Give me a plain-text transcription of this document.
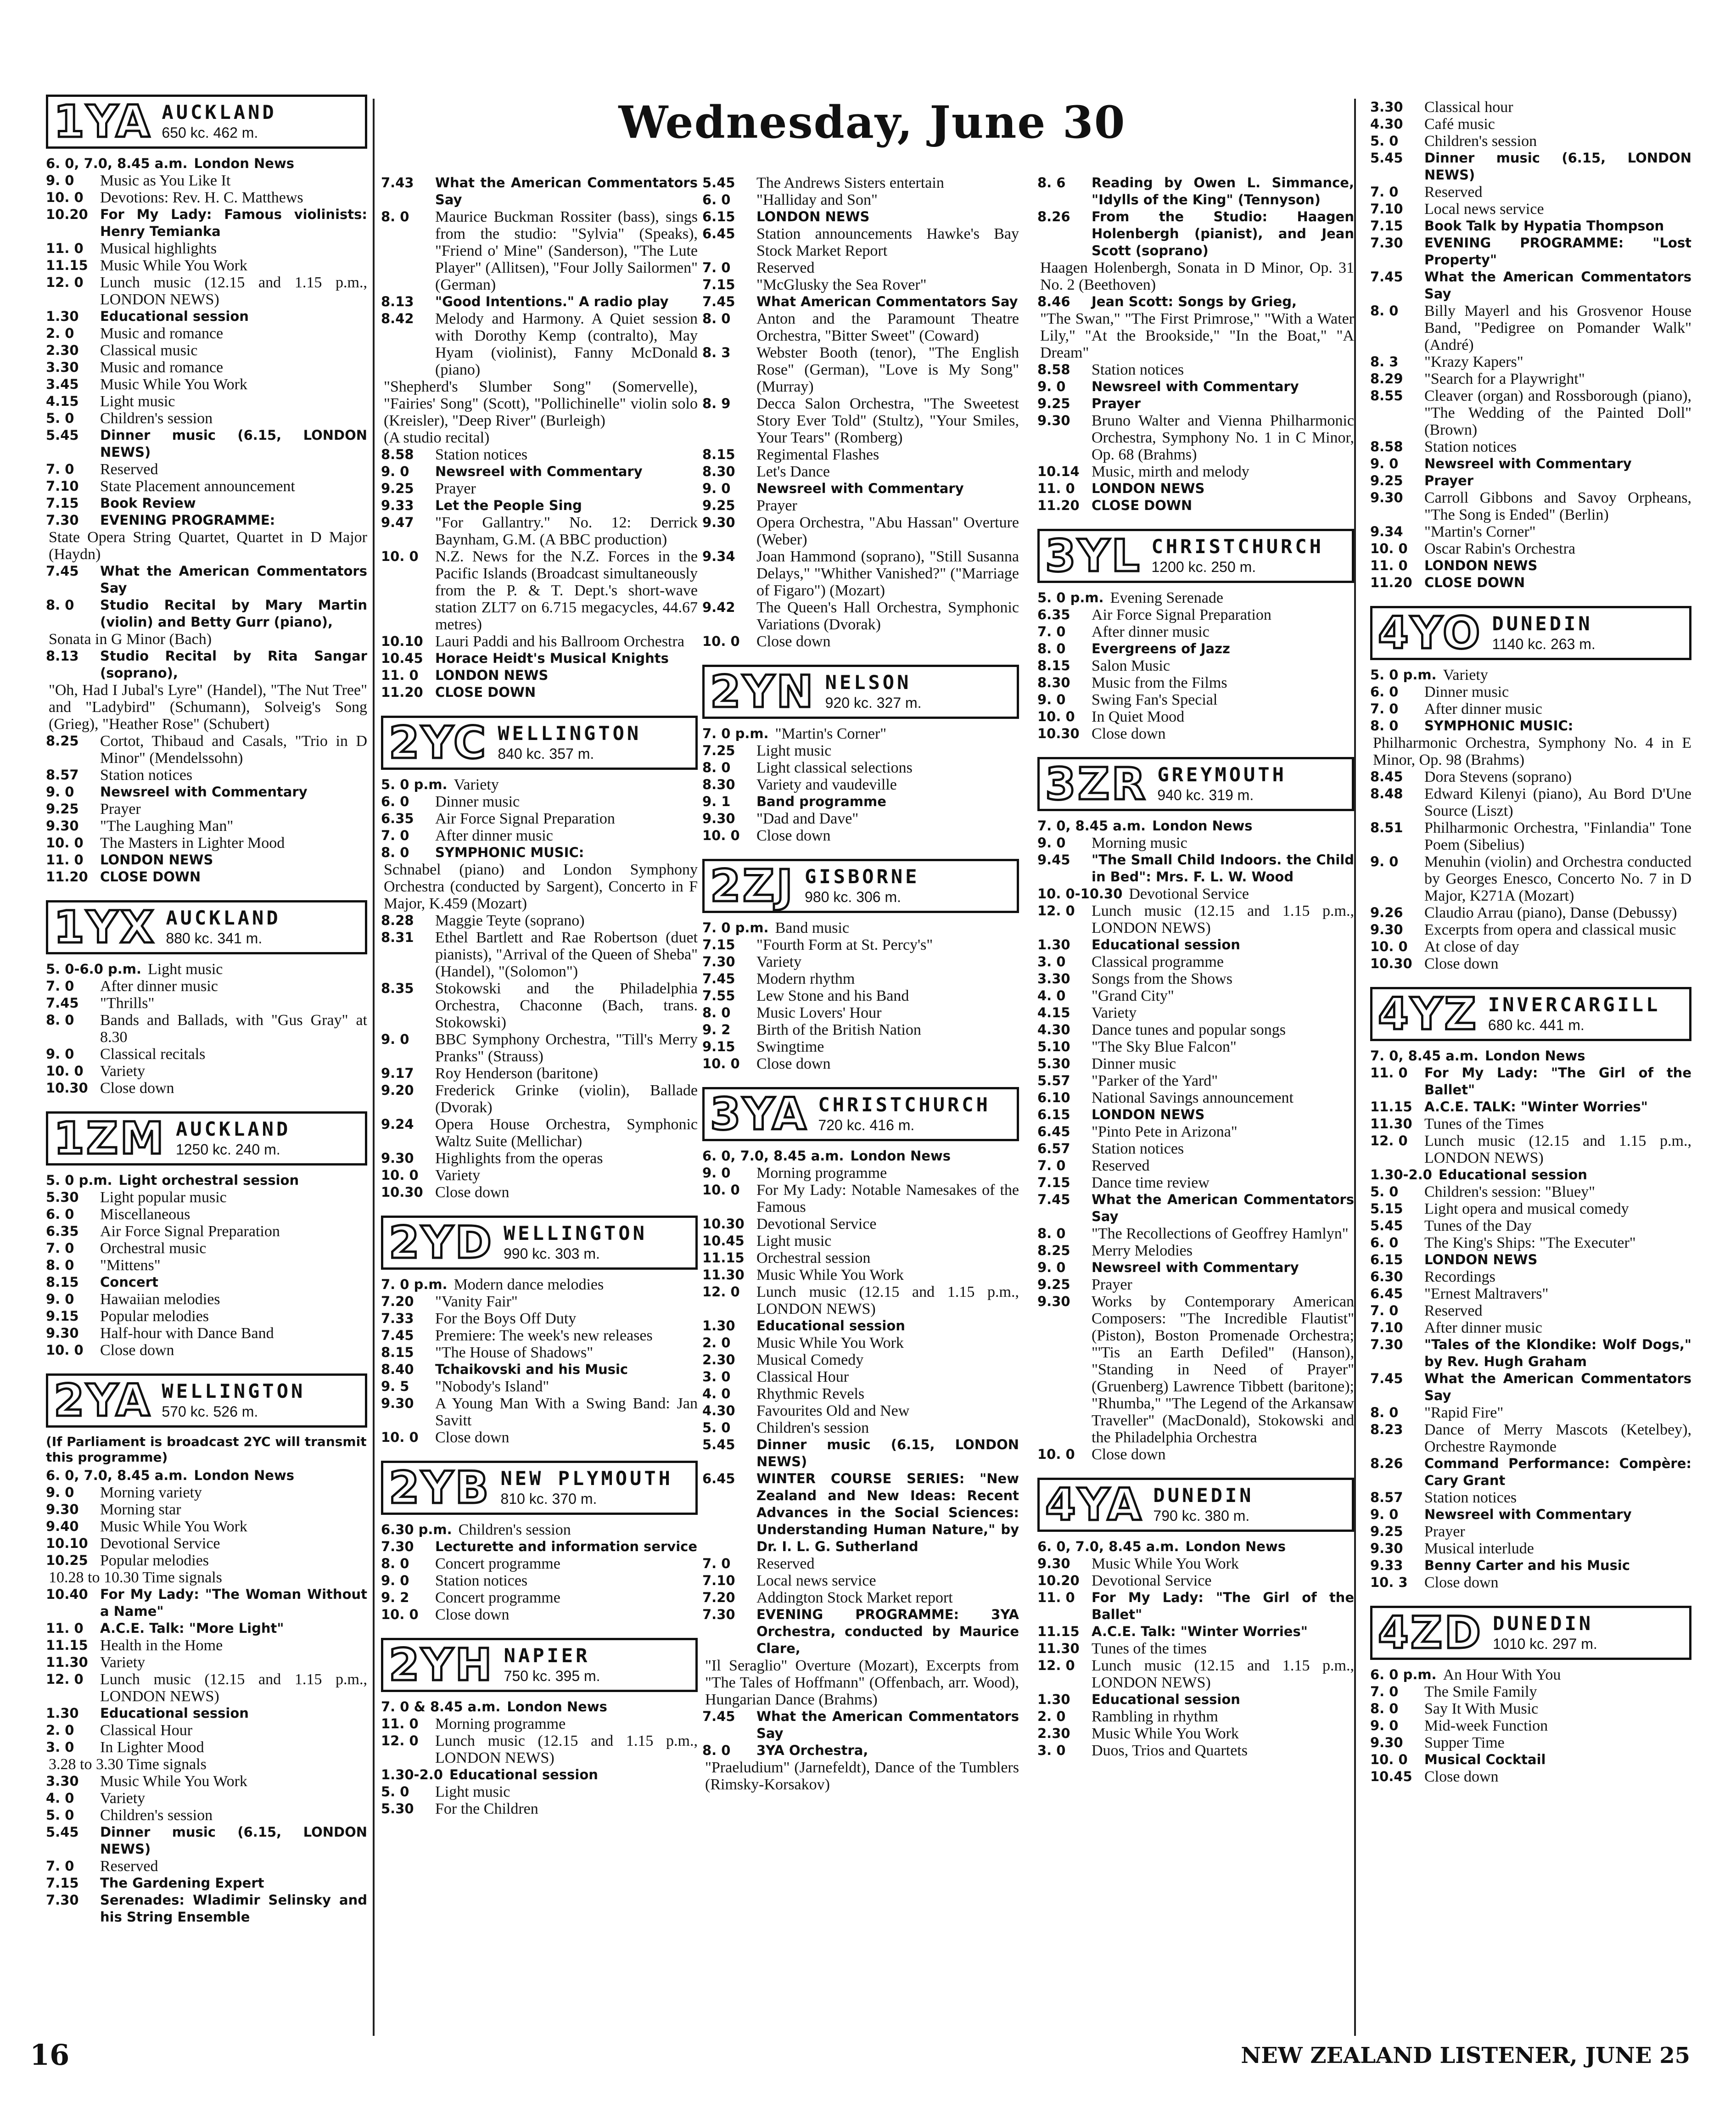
Wednesday, June 30
1YA AUCKLAND
650 kc. 462 m.
6. 0, 7.0, 8.45 a.m. London News
9. 0	Music as You Like It
10. 0	Devotions: Rev. H. C. Matthews
10.20 For My Lady: Famous violinists: Henry Temianka
11. 0	Musical highlights
11.15 Music While You Work
12. 0	Lunch music (12.15 and 1.15 p.m., LONDON NEWS)
1.30	Educational session
2. 0	Music and romance
2.30	Classical music
3.30	Music and romance
3.45	Music While You Work
4.15	Light music
5. 0	Children's session
5.45	Dinner music (6.15, LONDON NEWS)
7. 0	Reserved
7.10	State Placement announcement
7.15	Book Review
7.30	EVENING PROGRAMME:
State Opera String Quartet, Quartet in D Major (Haydn)
7.45	What the American Commentators Say
8. 0	Studio Recital by Mary Martin (violin) and Betty Gurr (piano),
Sonata in G Minor (Bach)
8.13	Studio Recital by Rita Sangar (soprano),
"Oh, Had I Jubal's Lyre" (Handel), "The Nut Tree" and "Ladybird" (Schumann), Solveig's Song (Grieg), "Heather Rose" (Schubert)
8.25	Cortot, Thibaud and Casals, "Trio in D Minor" (Mendelssohn)
8.57	Station notices
9. 0	Newsreel with Commentary
9.25	Prayer
9.30	"The Laughing Man"
10. 0	The Masters in Lighter Mood
11. 0	LONDON NEWS
11.20 CLOSE DOWN
1YX AUCKLAND
880 kc. 341 m.
5. 0-6.0 p.m. Light music
7. 0	After dinner music
7.45	"Thrills"
8. 0	Bands and Ballads, with "Gus Gray" at 8.30
9. 0	Classical recitals
10. 0	Variety
10.30 Close down
1ZM AUCKLAND
1250 kc. 240 m.
5. 0 p.m. Light orchestral session
5.30	Light popular music
6. 0	Miscellaneous
6.35	Air Force Signal Preparation
7. 0	Orchestral music
8. 0	"Mittens"
8.15	Concert
9. 0	Hawaiian melodies
9.15	Popular melodies
9.30	Half-hour with Dance Band
10. 0	Close down
2YA WELLINGTON
570 kc. 526 m.
(If Parliament is broadcast 2YC will transmit this programme)
6. 0, 7.0, 8.45 a.m. London News
9. 0	Morning variety
9.30	Morning star
9.40	Music While You Work
10.10 Devotional Service
10.25 Popular melodies
10.28 to 10.30 Time signals
10.40 For My Lady: "The Woman Without a Name"
11. 0	A.C.E. Talk: "More Light"
11.15 Health in the Home
11.30 Variety
12. 0	Lunch music (12.15 and 1.15 p.m., LONDON NEWS)
1.30	Educational session
2. 0	Classical Hour
3. 0	In Lighter Mood
3.28 to 3.30 Time signals
3.30	Music While You Work
4. 0	Variety
5. 0	Children's session
5.45	Dinner music (6.15, LONDON NEWS)
7. 0	Reserved
7.15	The Gardening Expert
7.30	Serenades: Wladimir Selinsky and his String Ensemble
7.43	What the American Commentators Say
8. 0	Maurice Buckman Rossiter (bass), sings from the studio: "Sylvia" (Speaks), "Friend o' Mine" (Sanderson), "The Lute Player" (Allitsen), "Four Jolly Sailormen" (German)
8.13	"Good Intentions." A radio play
8.42	Melody and Harmony. A Quiet session with Dorothy Kemp (contralto), May Hyam (violinist), Fanny McDonald (piano)
"Shepherd's Slumber Song" (Somervelle), "Fairies' Song" (Scott), "Pollichinelle" violin solo (Kreisler), "Deep River" (Burleigh)
(A studio recital)
8.58	Station notices
9. 0	Newsreel with Commentary
9.25	Prayer
9.33	Let the People Sing
9.47	"For Gallantry." No. 12: Derrick Baynham, G.M. (A BBC production)
10. 0	N.Z. News for the N.Z. Forces in the Pacific Islands (Broadcast simultaneously from the P. & T. Dept.'s short-wave station ZLT7 on 6.715 megacycles, 44.67 metres)
10.10 Lauri Paddi and his Ballroom Orchestra
10.45 Horace Heidt's Musical Knights
11. 0	LONDON NEWS
11.20 CLOSE DOWN
2YC WELLINGTON
840 kc. 357 m.
5. 0 p.m. Variety
6. 0	Dinner music
6.35	Air Force Signal Preparation
7. 0	After dinner music
8. 0	SYMPHONIC MUSIC:
Schnabel (piano) and London Symphony Orchestra (conducted by Sargent), Concerto in F Major, K.459 (Mozart)
8.28	Maggie Teyte (soprano)
8.31	Ethel Bartlett and Rae Robertson (duet pianists), "Arrival of the Queen of Sheba" (Handel), "(Solomon")
8.35	Stokowski and the Philadelphia Orchestra, Chaconne (Bach, trans. Stokowski)
9. 0	BBC Symphony Orchestra, "Till's Merry Pranks" (Strauss)
9.17	Roy Henderson (baritone)
9.20	Frederick Grinke (violin), Ballade (Dvorak)
9.24	Opera House Orchestra, Symphonic Waltz Suite (Mellichar)
9.30	Highlights from the operas
10. 0	Variety
10.30 Close down
2YD WELLINGTON
990 kc. 303 m.
7. 0 p.m. Modern dance melodies
7.20	"Vanity Fair"
7.33	For the Boys Off Duty
7.45	Premiere: The week's new releases
8.15	"The House of Shadows"
8.40	Tchaikovski and his Music
9. 5	"Nobody's Island"
9.30	A Young Man With a Swing Band: Jan Savitt
10. 0	Close down
2YB NEW PLYMOUTH
810 kc. 370 m.
6.30 p.m. Children's session
7.30	Lecturette and information service
8. 0	Concert programme
9. 0	Station notices
9. 2	Concert programme
10. 0	Close down
2YH NAPIER
750 kc. 395 m.
7. 0 & 8.45 a.m. London News
11. 0	Morning programme
12. 0	Lunch music (12.15 and 1.15 p.m., LONDON NEWS)
1.30-2.0 Educational session
5. 0	Light music
5.30	For the Children
5.45	The Andrews Sisters entertain
6. 0	"Halliday and Son"
6.15	LONDON NEWS
6.45	Station announcements Hawke's Bay Stock Market Report
7. 0	Reserved
7.15	"McGlusky the Sea Rover"
7.45	What American Commentators Say
8. 0	Anton and the Paramount Theatre Orchestra, "Bitter Sweet" (Coward)
8. 3	Webster Booth (tenor), "The English Rose" (German), "Love is My Song" (Murray)
8. 9	Decca Salon Orchestra, "The Sweetest Story Ever Told" (Stultz), "Your Smiles, Your Tears" (Romberg)
8.15	Regimental Flashes
8.30	Let's Dance
9. 0	Newsreel with Commentary
9.25	Prayer
9.30	Opera Orchestra, "Abu Hassan" Overture (Weber)
9.34	Joan Hammond (soprano), "Still Susanna Delays," "Whither Vanished?" ("Marriage of Figaro") (Mozart)
9.42	The Queen's Hall Orchestra, Symphonic Variations (Dvorak)
10. 0	Close down
2YN NELSON
920 kc. 327 m.
7. 0 p.m. "Martin's Corner"
7.25	Light music
8. 0	Light classical selections
8.30	Variety and vaudeville
9. 1	Band programme
9.30	"Dad and Dave"
10. 0	Close down
2ZJ GISBORNE
980 kc. 306 m.
7. 0 p.m. Band music
7.15	"Fourth Form at St. Percy's"
7.30	Variety
7.45	Modern rhythm
7.55	Lew Stone and his Band
8. 0	Music Lovers' Hour
9. 2	Birth of the British Nation
9.15	Swingtime
10. 0	Close down
3YA CHRISTCHURCH
720 kc. 416 m.
6. 0, 7.0, 8.45 a.m. London News
9. 0	Morning programme
10. 0	For My Lady: Notable Namesakes of the Famous
10.30 Devotional Service
10.45 Light music
11.15 Orchestral session
11.30 Music While You Work
12. 0	Lunch music (12.15 and 1.15 p.m., LONDON NEWS)
1.30	Educational session
2. 0	Music While You Work
2.30	Musical Comedy
3. 0	Classical Hour
4. 0	Rhythmic Revels
4.30	Favourites Old and New
5. 0	Children's session
5.45	Dinner music (6.15, LONDON NEWS)
6.45	WINTER COURSE SERIES: "New Zealand and New Ideas: Recent Advances in the Social Sciences: Understanding Human Nature," by Dr. I. L. G. Sutherland
7. 0	Reserved
7.10	Local news service
7.20	Addington Stock Market report
7.30	EVENING PROGRAMME: 3YA Orchestra, conducted by Maurice Clare,
"Il Seraglio" Overture (Mozart), Excerpts from "The Tales of Hoffmann" (Offenbach, arr. Wood), Hungarian Dance (Brahms)
7.45	What the American Commentators Say
8. 0	3YA Orchestra,
"Praeludium" (Jarnefeldt), Dance of the Tumblers (Rimsky-Korsakov)
8. 6	Reading by Owen L. Simmance, "Idylls of the King" (Tennyson)
8.26	From the Studio: Haagen Holenbergh (pianist), and Jean Scott (soprano)
Haagen Holenbergh, Sonata in D Minor, Op. 31 No. 2 (Beethoven)
8.46	Jean Scott: Songs by Grieg,
"The Swan," "The First Primrose," "With a Water Lily," "At the Brookside," "In the Boat," "A Dream"
8.58	Station notices
9. 0	Newsreel with Commentary
9.25	Prayer
9.30	Bruno Walter and Vienna Philharmonic Orchestra, Symphony No. 1 in C Minor, Op. 68 (Brahms)
10.14 Music, mirth and melody
11. 0	LONDON NEWS
11.20 CLOSE DOWN
3YL CHRISTCHURCH
1200 kc. 250 m.
5. 0 p.m. Evening Serenade
6.35	Air Force Signal Preparation
7. 0	After dinner music
8. 0	Evergreens of Jazz
8.15	Salon Music
8.30	Music from the Films
9. 0	Swing Fan's Special
10. 0	In Quiet Mood
10.30 Close down
3ZR GREYMOUTH
940 kc. 319 m.
7. 0, 8.45 a.m. London News
9. 0	Morning music
9.45	"The Small Child Indoors. the Child in Bed": Mrs. F. L. W. Wood
10. 0-10.30 Devotional Service
12. 0	Lunch music (12.15 and 1.15 p.m., LONDON NEWS)
1.30	Educational session
3. 0	Classical programme
3.30	Songs from the Shows
4. 0	"Grand City"
4.15	Variety
4.30	Dance tunes and popular songs
5.10	"The Sky Blue Falcon"
5.30	Dinner music
5.57	"Parker of the Yard"
6.10	National Savings announcement
6.15	LONDON NEWS
6.45	"Pinto Pete in Arizona"
6.57	Station notices
7. 0	Reserved
7.15	Dance time review
7.45	What the American Commentators Say
8. 0	"The Recollections of Geoffrey Hamlyn"
8.25	Merry Melodies
9. 0	Newsreel with Commentary
9.25	Prayer
9.30	Works by Contemporary American Composers: "The Incredible Flautist" (Piston), Boston Promenade Orchestra; "'Tis an Earth Defiled" (Hanson), "Standing in Need of Prayer" (Gruenberg) Lawrence Tibbett (baritone); "Rhumba," "The Legend of the Arkansaw Traveller" (MacDonald), Stokowski and the Philadelphia Orchestra
10. 0	Close down
4YA DUNEDIN
790 kc. 380 m.
6. 0, 7.0, 8.45 a.m. London News
9.30	Music While You Work
10.20 Devotional Service
11. 0	For My Lady: "The Girl of the Ballet"
11.15 A.C.E. Talk: "Winter Worries"
11.30 Tunes of the times
12. 0	Lunch music (12.15 and 1.15 p.m., LONDON NEWS)
1.30	Educational session
2. 0	Rambling in rhythm
2.30	Music While You Work
3. 0	Duos, Trios and Quartets
3.30	Classical hour
4.30	Café music
5. 0	Children's session
5.45	Dinner music (6.15, LONDON NEWS)
7. 0	Reserved
7.10	Local news service
7.15	Book Talk by Hypatia Thompson
7.30	EVENING PROGRAMME: "Lost Property"
7.45	What the American Commentators Say
8. 0	Billy Mayerl and his Grosvenor House Band, "Pedigree on Pomander Walk" (André)
8. 3	"Krazy Kapers"
8.29	"Search for a Playwright"
8.55	Cleaver (organ) and Rossborough (piano), "The Wedding of the Painted Doll" (Brown)
8.58	Station notices
9. 0	Newsreel with Commentary
9.25	Prayer
9.30	Carroll Gibbons and Savoy Orpheans, "The Song is Ended" (Berlin)
9.34	"Martin's Corner"
10. 0	Oscar Rabin's Orchestra
11. 0	LONDON NEWS
11.20 CLOSE DOWN
4YO DUNEDIN
1140 kc. 263 m.
5. 0 p.m. Variety
6. 0	Dinner music
7. 0	After dinner music
8. 0	SYMPHONIC MUSIC:
Philharmonic Orchestra, Symphony No. 4 in E Minor, Op. 98 (Brahms)
8.45	Dora Stevens (soprano)
8.48	Edward Kilenyi (piano), Au Bord D'Une Source (Liszt)
8.51	Philharmonic Orchestra, "Finlandia" Tone Poem (Sibelius)
9. 0	Menuhin (violin) and Orchestra conducted by Georges Enesco, Concerto No. 7 in D Major, K271A (Mozart)
9.26	Claudio Arrau (piano), Danse (Debussy)
9.30	Excerpts from opera and classical music
10. 0	At close of day
10.30 Close down
4YZ INVERCARGILL
680 kc. 441 m.
7. 0, 8.45 a.m. London News
11. 0	For My Lady: "The Girl of the Ballet"
11.15 A.C.E. TALK: "Winter Worries"
11.30 Tunes of the Times
12. 0	Lunch music (12.15 and 1.15 p.m., LONDON NEWS)
1.30-2.0 Educational session
5. 0	Children's session: "Bluey"
5.15	Light opera and musical comedy
5.45	Tunes of the Day
6. 0	The King's Ships: "The Executer"
6.15	LONDON NEWS
6.30	Recordings
6.45	"Ernest Maltravers"
7. 0	Reserved
7.10	After dinner music
7.30	"Tales of the Klondike: Wolf Dogs," by Rev. Hugh Graham
7.45	What the American Commentators Say
8. 0	"Rapid Fire"
8.23	Dance of Merry Mascots (Ketelbey), Orchestre Raymonde
8.26	Command Performance: Compère: Cary Grant
8.57	Station notices
9. 0	Newsreel with Commentary
9.25	Prayer
9.30	Musical interlude
9.33	Benny Carter and his Music
10. 3	Close down
4ZD DUNEDIN
1010 kc. 297 m.
6. 0 p.m. An Hour With You
7. 0	The Smile Family
8. 0	Say It With Music
9. 0	Mid-week Function
9.30	Supper Time
10. 0	Musical Cocktail
10.45 Close down
16	NEW ZEALAND LISTENER, JUNE 25
